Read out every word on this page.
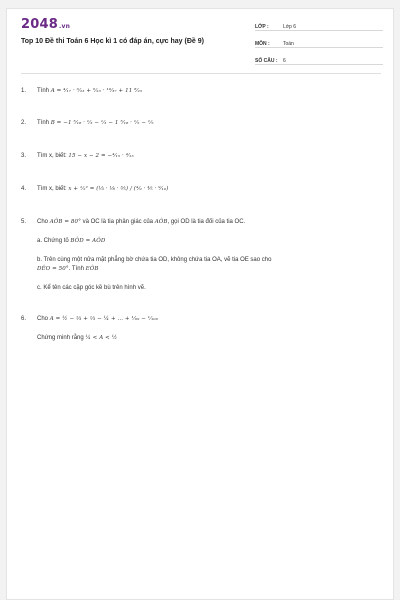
2048.vn
Top 10 Đề thi Toán 6 Học kì 1 có đáp án, cực hay (Đề 9)
LỚP :	Lớp 6
MÔN :	Toán
SỐ CÂU :	6
1.	Tính A = ⁴⁄₁₇ · ³⁄₂₃ + ⁶⁄₂₃ · ¹⁹⁄₃₇ + 11 ⁸⁄₂₃
2.	Tính B = −1 ⁵⁄₁₈ · ¹⁄₃ − ¹⁄₃ − 1 ⁵⁄₁₈ · ¹⁄₅ − ¹⁄₅
3.	Tìm x, biết: 15 − x − 2 = −⁴⁄₁₅ · ⁴⁄₁₅
4.	Tìm x, biết: x + ¹⁄₂² = (⅓ · ⅛ · ⅗) / (⁴⁄₉ · ⅘ · ⁹⁄₁₀)
5.	Cho AÔB = 80° và OC là tia phân giác của AÔB, gọi OD là tia đối của tia OC.
a. Chứng tỏ BÔD = AÔD
b. Trên cùng một nửa mặt phẳng bờ chứa tia OD, không chứa tia OA, vẽ tia OE sao cho
DÊO = 50°. Tính EÔB
c. Kể tên các cặp góc kề bù trên hình vẽ.
6.	Cho A = ½ − ⅓ + ⅓ − ¼ + ... + ¹⁄₉₉ − ¹⁄₁₀₀
Chứng minh rằng ¼ < A < ½
